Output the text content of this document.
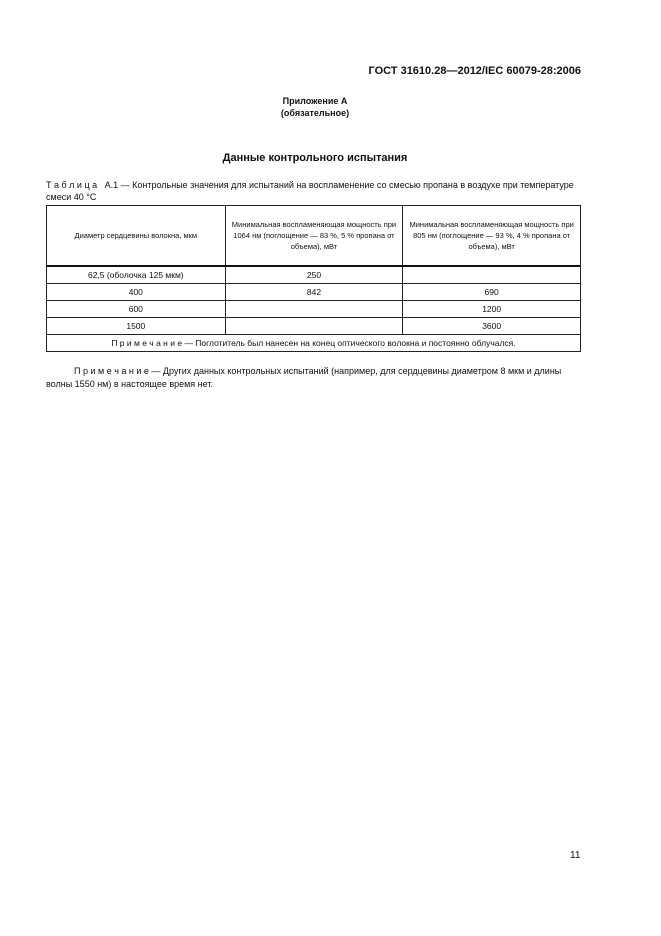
ГОСТ 31610.28—2012/IEC 60079-28:2006
Приложение А
(обязательное)
Данные контрольного испытания
Т а б л и ц а А.1 — Контрольные значения для испытаний на воспламенение со смесью пропана в воздухе при температуре смеси 40 °С
Диаметр сердцевины волокна, мкм	Минимальная воспламеняющая мощность при 1064 нм (поглощение — 83 %, 5 % пропана от объема), мВт	Минимальная воспламеняющая мощность при 805 нм (поглощение — 93 %, 4 % пропана от объема), мВт
62,5 (оболочка 125 мкм)	250	
400	842	690
600		1200
1500		3600
П р и м е ч а н и е — Поглотитель был нанесен на конец оптического волокна и постоянно облучался.		
П р и м е ч а н и е — Других данных контрольных испытаний (например, для сердцевины диаметром 8 мкм и длины волны 1550 нм) в настоящее время нет.
11
